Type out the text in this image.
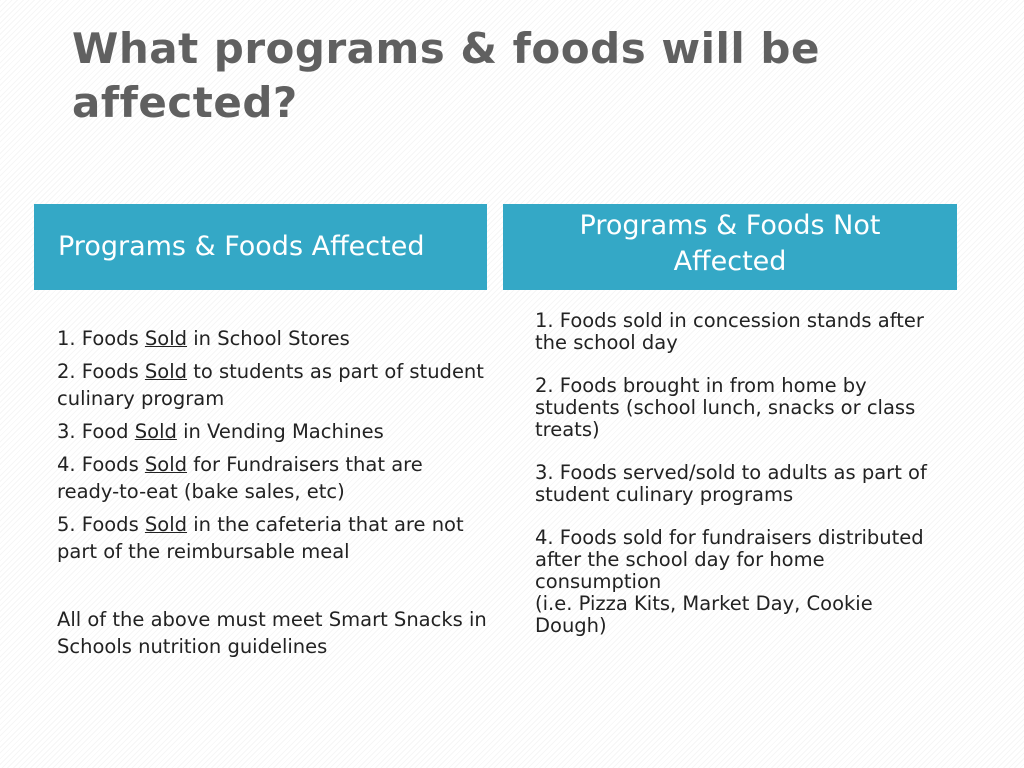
What programs & foods will be affected?
Programs & Foods Affected
Programs & Foods Not Affected
1. Foods Sold in School Stores
2. Foods Sold to students as part of student culinary program
3. Food Sold in Vending Machines
4. Foods Sold for Fundraisers that are ready-to-eat (bake sales, etc)
5. Foods Sold in the cafeteria that are not part of the reimbursable meal
All of the above must meet Smart Snacks in Schools nutrition guidelines
1. Foods sold in concession stands after the school day
2. Foods brought in from home by students (school lunch, snacks or class treats)
3. Foods served/sold to adults as part of student culinary programs
4. Foods sold for fundraisers distributed after the school day for home consumption
(i.e. Pizza Kits, Market Day, Cookie Dough)
